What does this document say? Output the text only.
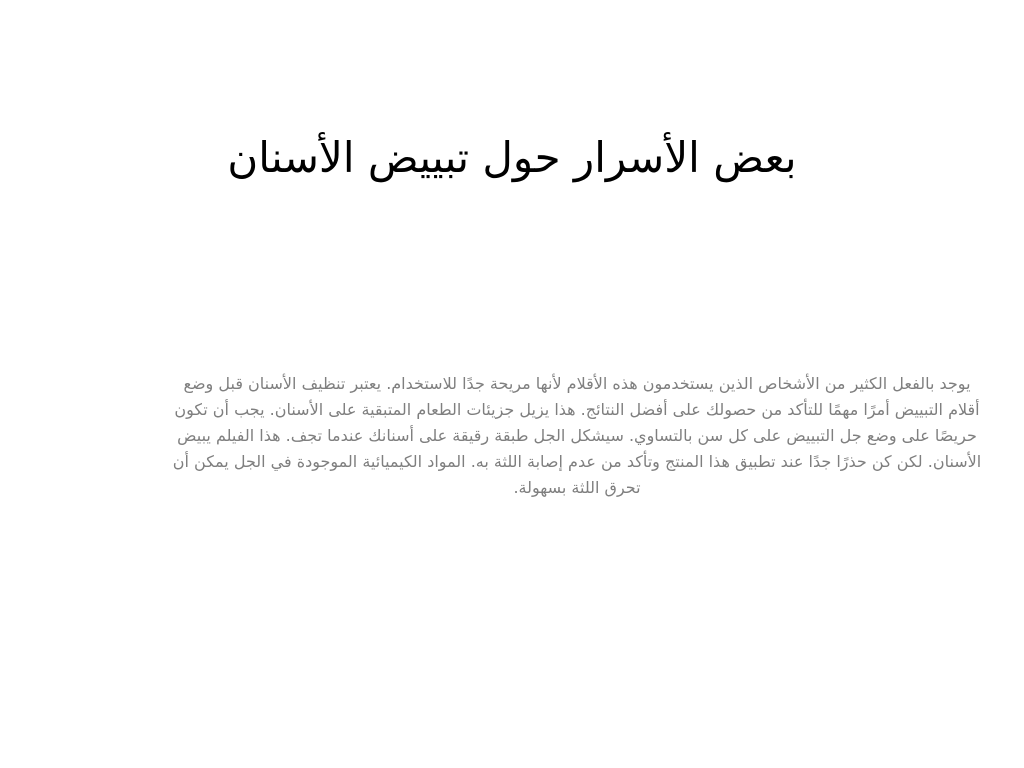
بعض الأسرار حول تبييض الأسنان

يوجد بالفعل الكثير من الأشخاص الذين يستخدمون هذه الأقلام لأنها مريحة جدًا للاستخدام. يعتبر تنظيف الأسنان قبل وضع أقلام التبييض أمرًا مهمًا للتأكد من حصولك على أفضل النتائج. هذا يزيل جزيئات الطعام المتبقية على الأسنان. يجب أن تكون حريصًا على وضع جل التبييض على كل سن بالتساوي. سيشكل الجل طبقة رقيقة على أسنانك عندما تجف. هذا الفيلم يبيض الأسنان. لكن كن حذرًا جدًا عند تطبيق هذا المنتج وتأكد من عدم إصابة اللثة به. المواد الكيميائية الموجودة في الجل يمكن أن تحرق اللثة بسهولة.
